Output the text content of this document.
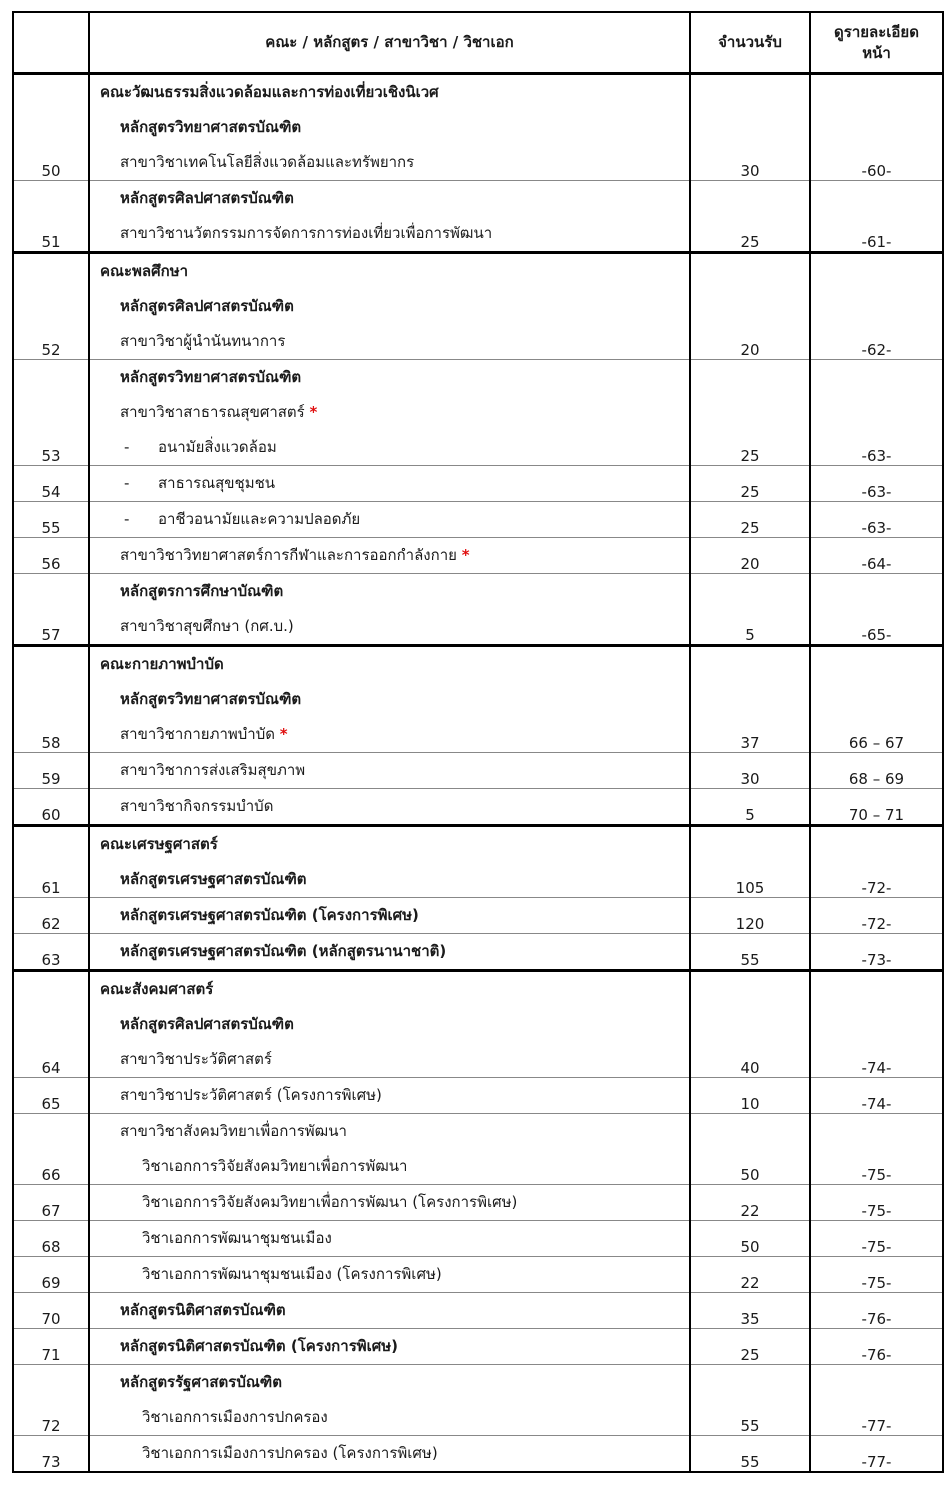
	คณะ / หลักสูตร / สาขาวิชา / วิชาเอก	จำนวนรับ	ดูรายละเอียด
หน้า

50	คณะวัฒนธรรมสิ่งแวดล้อมและการท่องเที่ยวเชิงนิเวศ
หลักสูตรวิทยาศาสตรบัณฑิต
สาขาวิชาเทคโนโลยีสิ่งแวดล้อมและทรัพยากร	30	-60-
51	หลักสูตรศิลปศาสตรบัณฑิต
สาขาวิชานวัตกรรมการจัดการการท่องเที่ยวเพื่อการพัฒนา	25	-61-
52	คณะพลศึกษา
หลักสูตรศิลปศาสตรบัณฑิต
สาขาวิชาผู้นำนันทนาการ	20	-62-
53	หลักสูตรวิทยาศาสตรบัณฑิต
สาขาวิชาสาธารณสุขศาสตร์ *
- อนามัยสิ่งแวดล้อม	25	-63-
54	- สาธารณสุขชุมชน	25	-63-
55	- อาชีวอนามัยและความปลอดภัย	25	-63-
56	สาขาวิชาวิทยาศาสตร์การกีฬาและการออกกำลังกาย *	20	-64-
57	หลักสูตรการศึกษาบัณฑิต
สาขาวิชาสุขศึกษา (กศ.บ.)	5	-65-
58	คณะกายภาพบำบัด
หลักสูตรวิทยาศาสตรบัณฑิต
สาขาวิชากายภาพบำบัด *	37	66 – 67
59	สาขาวิชาการส่งเสริมสุขภาพ	30	68 – 69
60	สาขาวิชากิจกรรมบำบัด	5	70 – 71
61	คณะเศรษฐศาสตร์
หลักสูตรเศรษฐศาสตรบัณฑิต	105	-72-
62	หลักสูตรเศรษฐศาสตรบัณฑิต (โครงการพิเศษ)	120	-72-
63	หลักสูตรเศรษฐศาสตรบัณฑิต (หลักสูตรนานาชาติ)	55	-73-
64	คณะสังคมศาสตร์
หลักสูตรศิลปศาสตรบัณฑิต
สาขาวิชาประวัติศาสตร์	40	-74-
65	สาขาวิชาประวัติศาสตร์ (โครงการพิเศษ)	10	-74-
66	สาขาวิชาสังคมวิทยาเพื่อการพัฒนา
วิชาเอกการวิจัยสังคมวิทยาเพื่อการพัฒนา	50	-75-
67	วิชาเอกการวิจัยสังคมวิทยาเพื่อการพัฒนา (โครงการพิเศษ)	22	-75-
68	วิชาเอกการพัฒนาชุมชนเมือง	50	-75-
69	วิชาเอกการพัฒนาชุมชนเมือง (โครงการพิเศษ)	22	-75-
70	หลักสูตรนิติศาสตรบัณฑิต	35	-76-
71	หลักสูตรนิติศาสตรบัณฑิต (โครงการพิเศษ)	25	-76-
72	หลักสูตรรัฐศาสตรบัณฑิต
วิชาเอกการเมืองการปกครอง	55	-77-
73	วิชาเอกการเมืองการปกครอง (โครงการพิเศษ)	55	-77-
